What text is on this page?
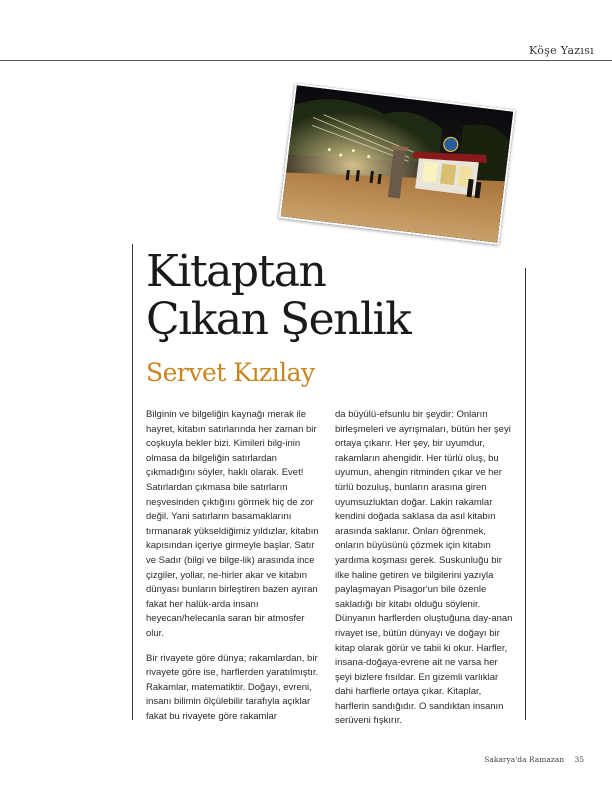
Köşe Yazısı
Kitaptan
Çıkan Şenlik
Servet Kızılay

Bilginin ve bilgeliğin kaynağı merak ile hayret, kitabın satırlarında her zaman bir coşkuyla bekler bizi. Kimileri bilg-inin olmasa da bilgeliğin satırlardan çıkmadığını söyler, haklı olarak. Evet! Satırlardan çıkmasa bile satırların neşvesinden çıktığını görmek hiç de zor değil. Yani satırların basamaklarını tırmanarak yükseldiğimiz yıldızlar, kitabın kapısından içeriye girmeyle başlar. Satır ve Sadır (bilgi ve bilge-lik) arasında ince çizgiler, yollar, ne-hirler akar ve kitabın dünyası bunların birleştiren bazen ayıran fakat her halük-arda insanı heyecan/helecanla saran bir atmosfer olur.

Bir rivayete göre dünya; rakamlardan, bir rivayete göre ise, harflerden yaratılmıştır. Rakamlar, matematiktir. Doğayı, evreni, insanı bilimin ölçülebilir tarafıyla açıklar fakat bu rivayete göre rakamlar

da büyülü-efsunlu bir şeydir: Onların birleşmeleri ve ayrışmaları, bütün her şeyi ortaya çıkarır. Her şey, bir uyumdur, rakamların ahengidir. Her türlü oluş, bu uyumun, ahengin ritminden çıkar ve her türlü bozuluş, bunların arasına giren uyumsuzluktan doğar. Lakin rakamlar kendini doğada saklasa da asıl kitabın arasında saklanır. Onları öğrenmek, onların büyüsünü çözmek için kitabın yardıma koşması gerek. Suskunluğu bir ilke haline getiren ve bilgilerini yazıyla paylaşmayan Pisagor'un bile özenle sakladığı bir kitabı olduğu söylenir. Dünyanın harflerden oluştuğuna day-anan rivayet ise, bütün dünyayı ve doğayı bir kitap olarak görür ve tabii ki okur. Harfler, insana-doğaya-evrene ait ne varsa her şeyi bizlere fısıldar. En gizemli varlıklar dahi harflerle ortaya çıkar. Kitaplar, harflerin sandığıdır. O sandıktan insanın serüveni fışkırır.

Sakarya'da Ramazan 35
